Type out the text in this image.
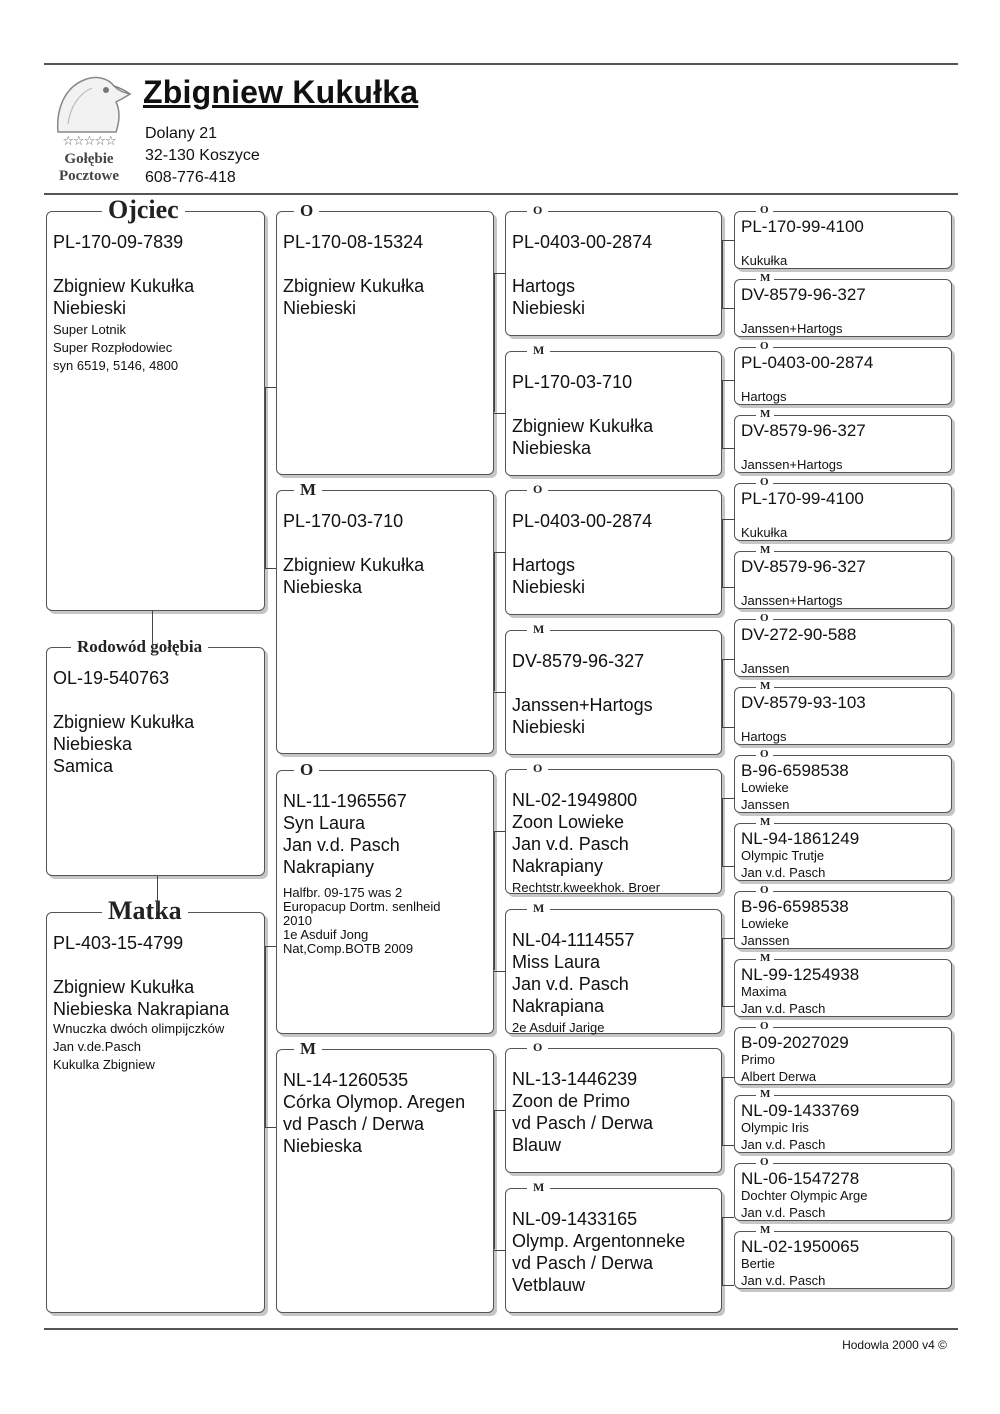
☆☆☆☆☆
Gołębie
Pocztowe
Zbigniew Kukułka
Dolany 21
32-130 Koszyce
608-776-418
Ojciec
PL-170-09-7839
Zbigniew Kukułka
Niebieski
Super Lotnik
Super Rozpłodowiec
syn 6519, 5146, 4800
Rodowód gołębia
OL-19-540763
Zbigniew Kukułka
Niebieska
Samica
Matka
PL-403-15-4799
Zbigniew Kukułka
Niebieska Nakrapiana
Wnuczka dwóch olimpijczków
Jan v.de.Pasch
Kukulka Zbigniew
O
PL-170-08-15324
Zbigniew Kukułka
Niebieski
M
PL-170-03-710
Zbigniew Kukułka
Niebieska
O
NL-11-1965567
Syn Laura
Jan v.d. Pasch
Nakrapiany
Halfbr. 09-175 was 2
Europacup Dortm. senlheid
2010
1e Asduif Jong
Nat,Comp.BOTB 2009
M
NL-14-1260535
Córka Olymop. Aregen
vd Pasch / Derwa
Niebieska
O
PL-0403-00-2874
Hartogs
Niebieski
M
PL-170-03-710
Zbigniew Kukułka
Niebieska
O
PL-0403-00-2874
Hartogs
Niebieski
M
DV-8579-96-327
Janssen+Hartogs
Niebieski
O
NL-02-1949800
Zoon Lowieke
Jan v.d. Pasch
Nakrapiany
Rechtstr.kweekhok. Broer
M
NL-04-1114557
Miss Laura
Jan v.d. Pasch
Nakrapiana
2e Asduif Jarige
O
NL-13-1446239
Zoon de Primo
vd Pasch / Derwa
Blauw
M
NL-09-1433165
Olymp. Argentonneke
vd Pasch / Derwa
Vetblauw
O
PL-170-99-4100
Kukułka
M
DV-8579-96-327
Janssen+Hartogs
O
PL-0403-00-2874
Hartogs
M
DV-8579-96-327
Janssen+Hartogs
O
PL-170-99-4100
Kukułka
M
DV-8579-96-327
Janssen+Hartogs
O
DV-272-90-588
Janssen
M
DV-8579-93-103
Hartogs
O
B-96-6598538
Lowieke
Janssen
M
NL-94-1861249
Olympic Trutje
Jan v.d. Pasch
O
B-96-6598538
Lowieke
Janssen
M
NL-99-1254938
Maxima
Jan v.d. Pasch
O
B-09-2027029
Primo
Albert Derwa
M
NL-09-1433769
Olympic Iris
Jan v.d. Pasch
O
NL-06-1547278
Dochter Olympic Arge
Jan v.d. Pasch
M
NL-02-1950065
Bertie
Jan v.d. Pasch
Hodowla 2000 v4 ©
